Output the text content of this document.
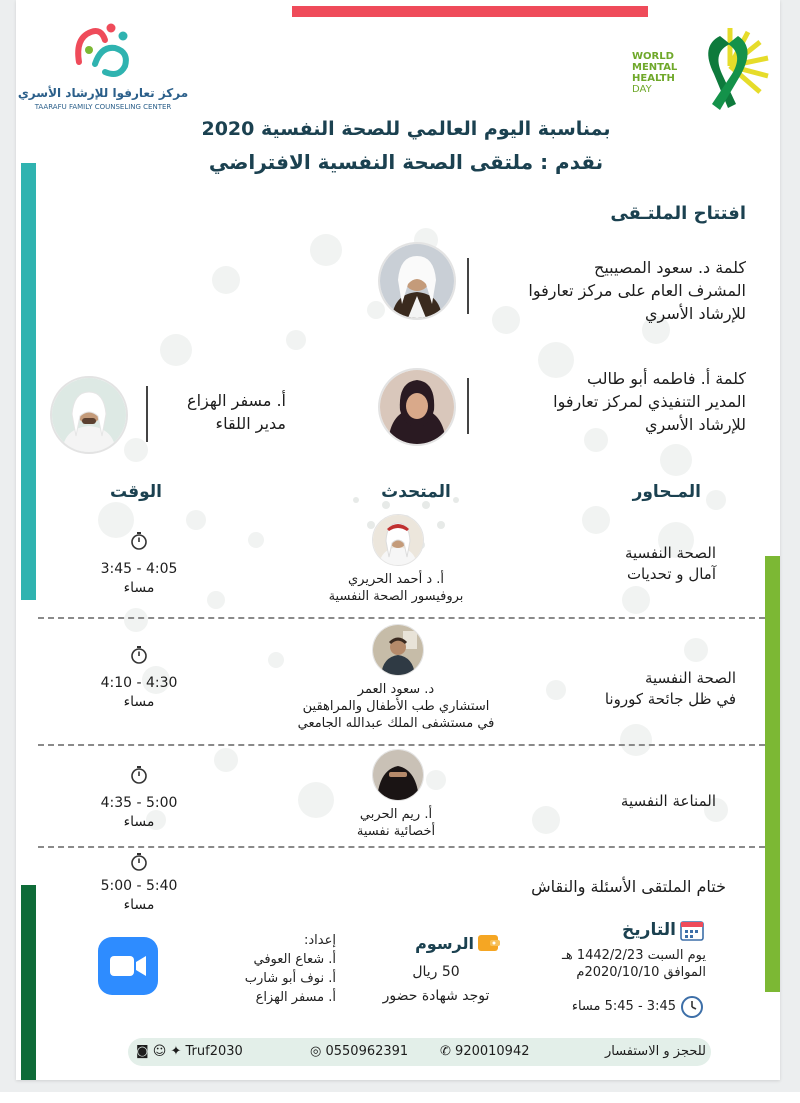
مركز تعارفوا للإرشاد الأسري
TAARAFU FAMILY COUNSELING CENTER
WORLD
MENTAL
HEALTH
DAY
بمناسبة اليوم العالمي للصحة النفسية 2020
نقدم : ملتقى الصحة النفسية الافتراضي
افتتاح الملتـقى
كلمة د. سعود المصيبيح
المشرف العام على مركز تعارفوا
للإرشاد الأسري
كلمة أ. فاطمه أبو طالب
المدير التنفيذي لمركز تعارفوا
للإرشاد الأسري
أ. مسفر الهزاع
مدير اللقاء
المـحاور
المتحدث
الوقت
الصحة النفسية
آمال و تحديات
أ. د أحمد الحريري
بروفيسور الصحة النفسية
3:45 - 4:05
مساء
الصحة النفسية
في ظل جائحة كورونا
د. سعود العمر
استشاري طب الأطفال والمراهقين
في مستشفى الملك عبدالله الجامعي
4:10 - 4:30
مساء
المناعة النفسية
أ. ريم الحربي
أخصائية نفسية
4:35 - 5:00
مساء
ختام الملتقى الأسئلة والنقاش
5:00 - 5:40
مساء
التاريخ
يوم السبت 1442/2/23 هـ
الموافق 2020/10/10م
3:45 - 5:45 مساء
الرسوم
50 ريال
توجد شهادة حضور
إعداد:
أ. شعاع العوفي
أ. نوف أبو شارب
أ. مسفر الهزاع
للحجز و الاستفسار
✆ 920010942
◎ 0550962391
◙ ☺ ✦ Truf2030
